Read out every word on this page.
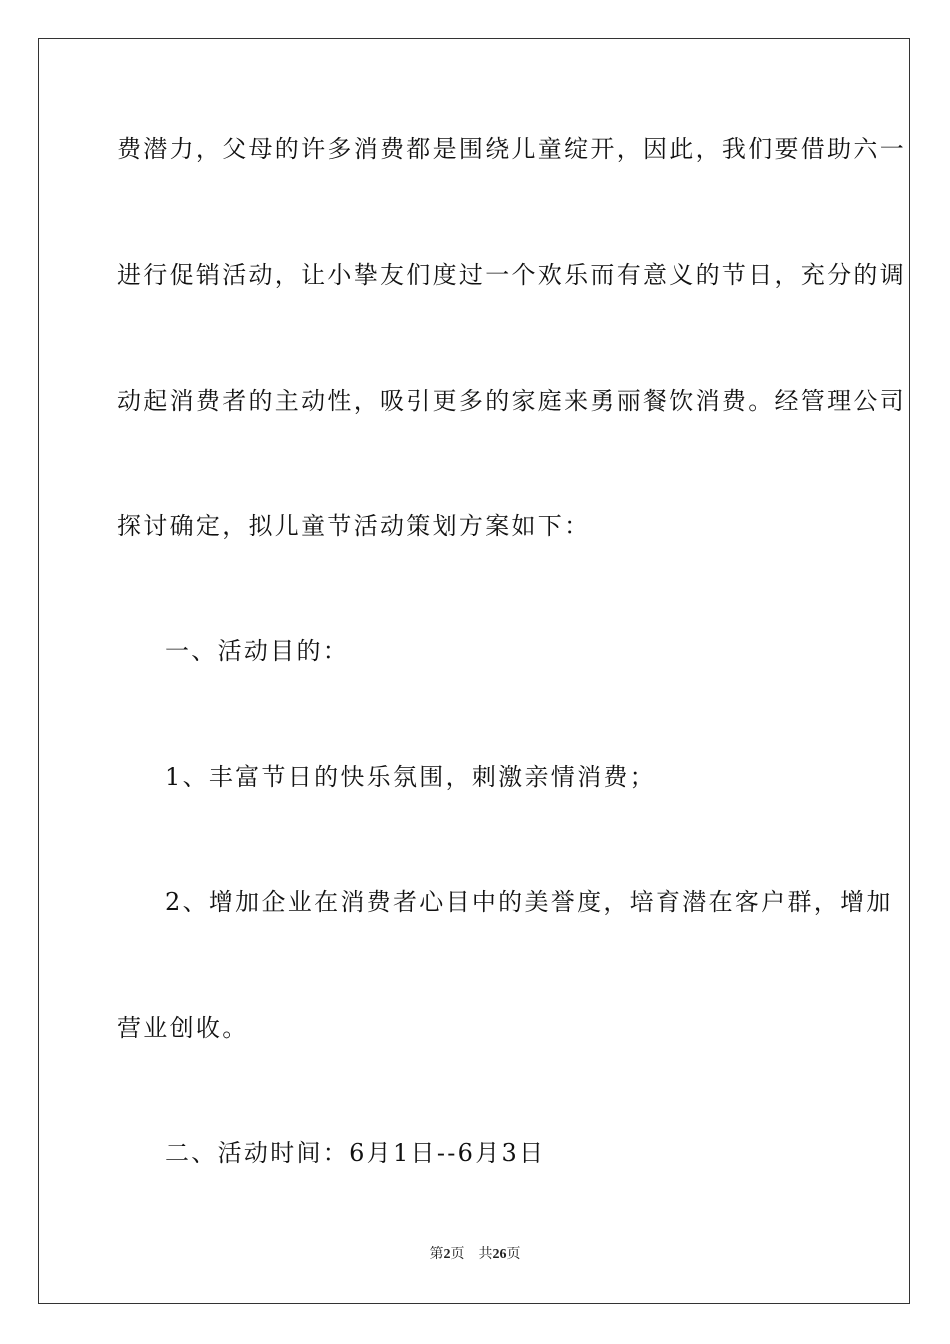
费潜力，父母的许多消费都是围绕儿童绽开，因此，我们要借助六一
进行促销活动，让小挚友们度过一个欢乐而有意义的节日，充分的调
动起消费者的主动性，吸引更多的家庭来勇丽餐饮消费。经管理公司
探讨确定，拟儿童节活动策划方案如下：
一、活动目的：
1、丰富节日的快乐氛围，刺激亲情消费；
2、增加企业在消费者心目中的美誉度，培育潜在客户群，增加
营业创收。
二、活动时间：6月1日--6月3日
第2页 共26页
